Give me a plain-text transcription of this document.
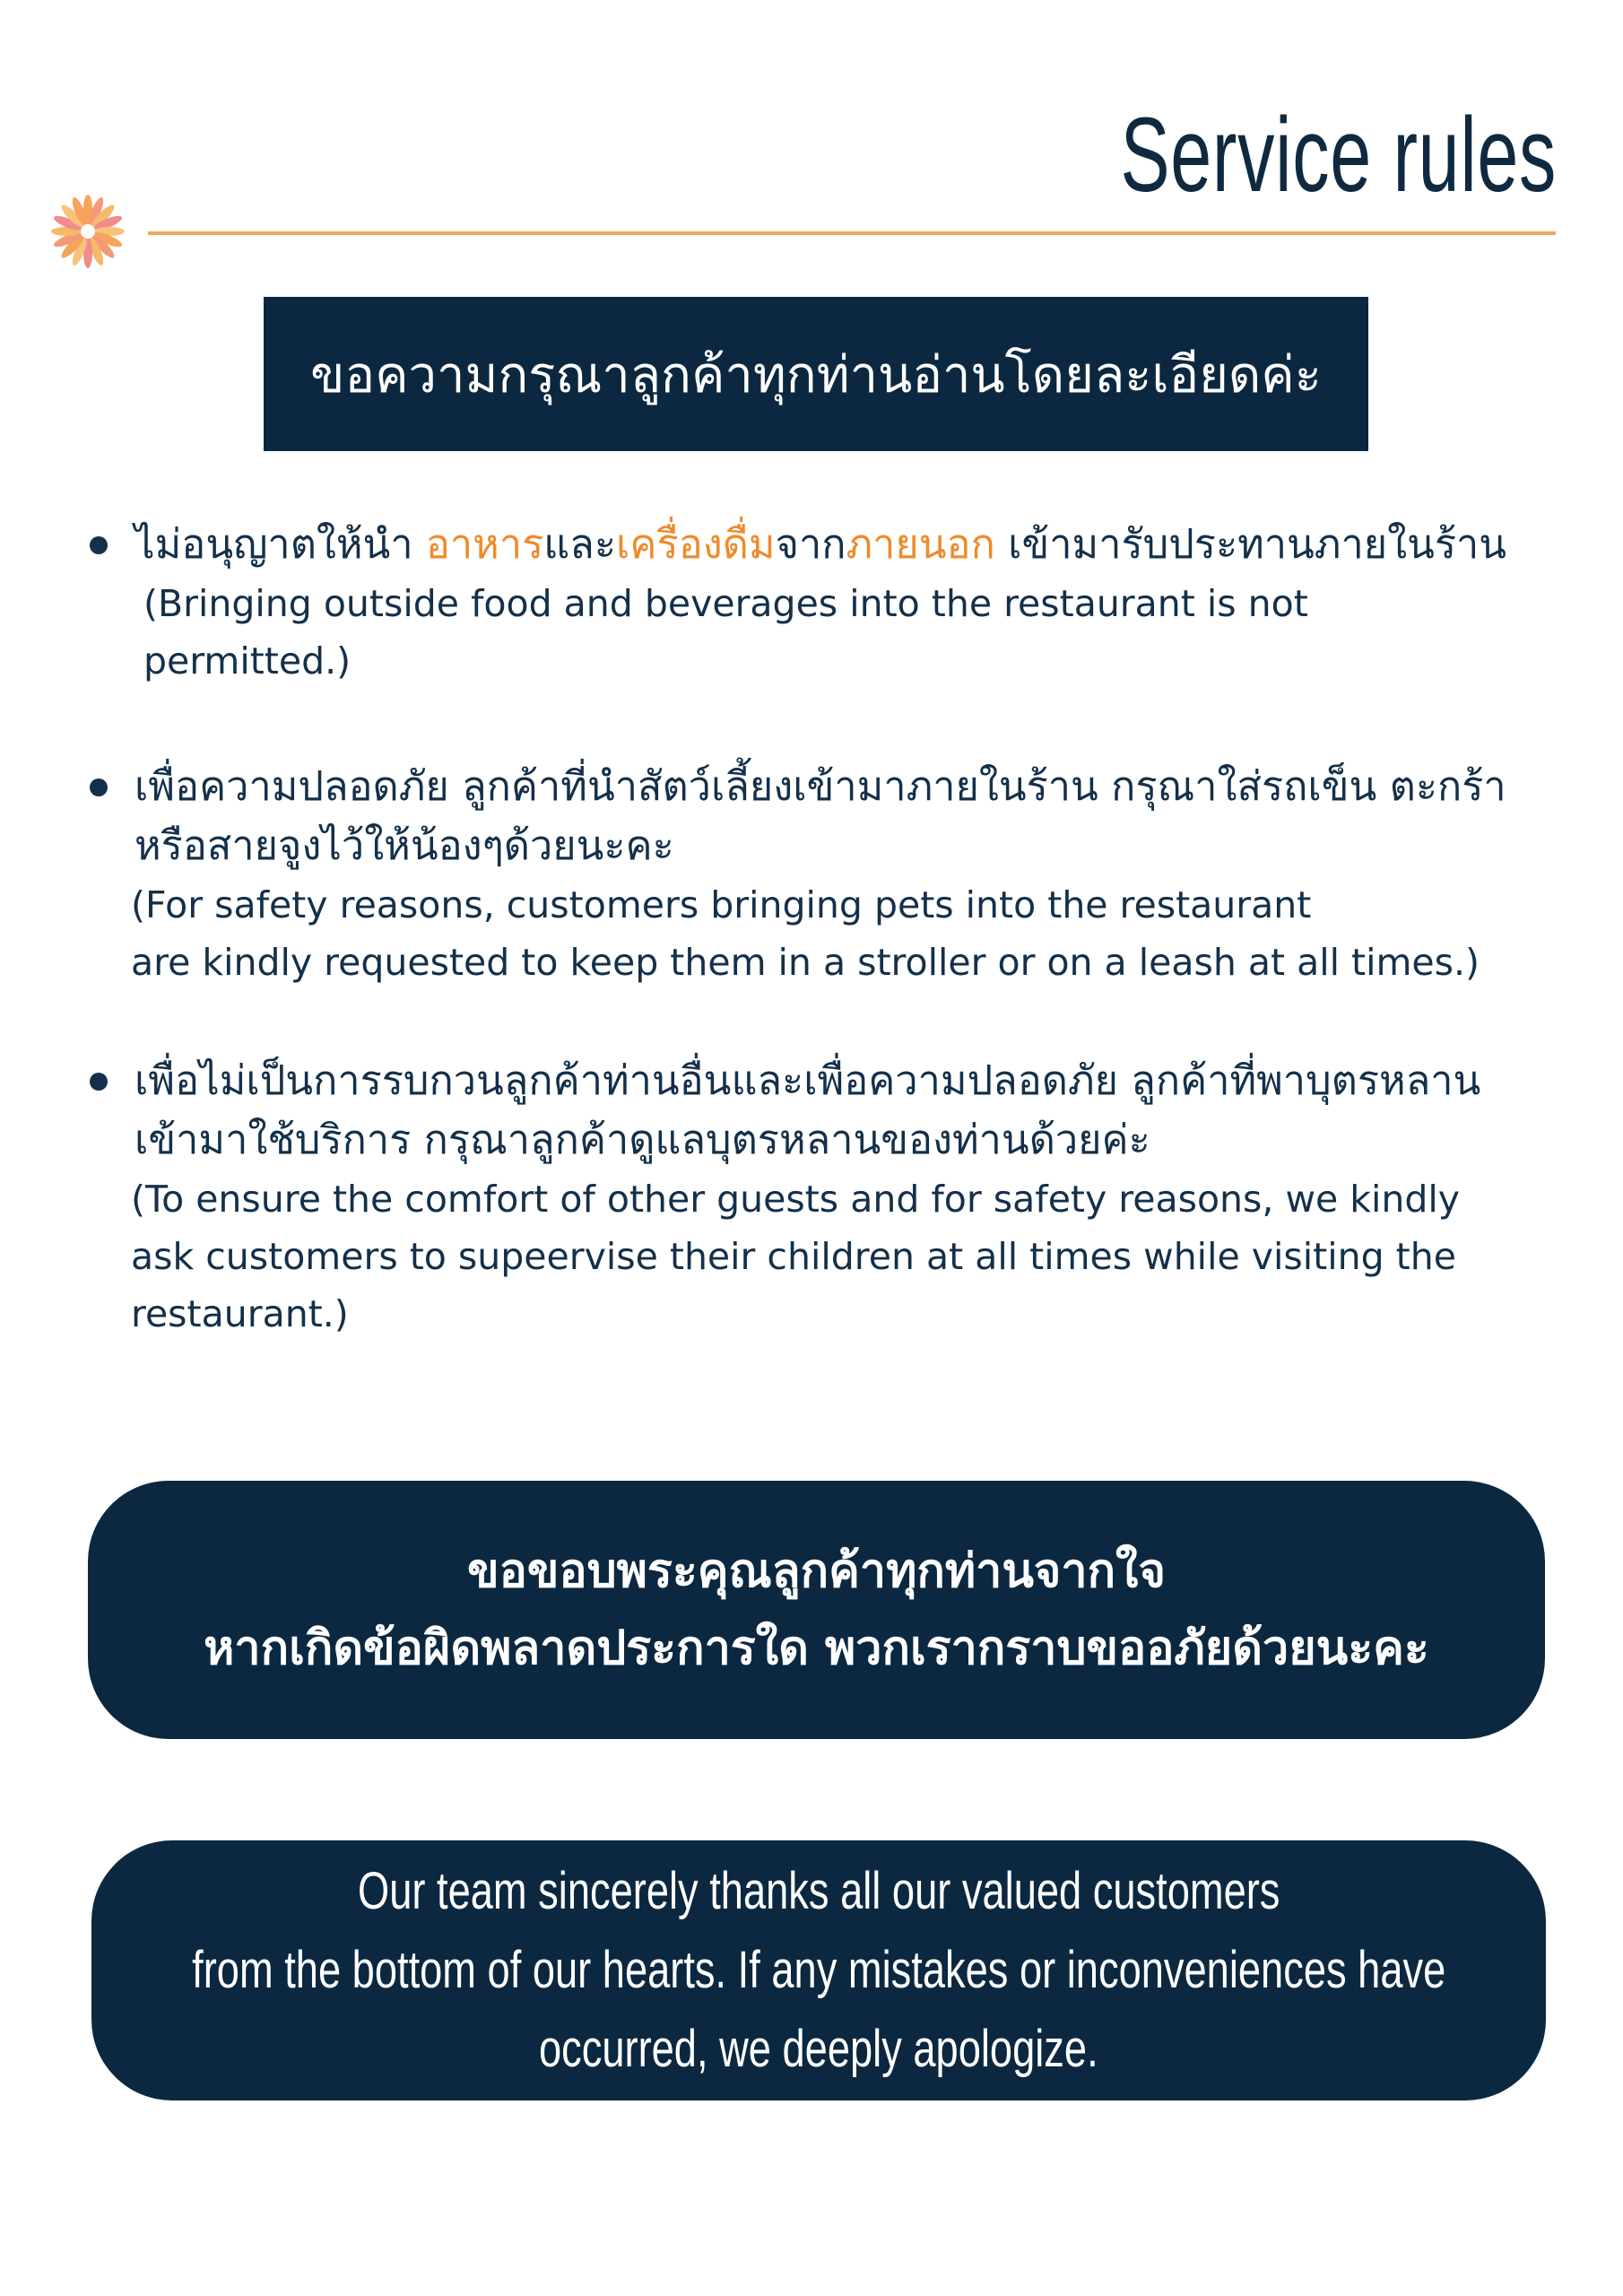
Service rules
ขอความกรุณาลูกค้าทุกท่านอ่านโดยละเอียดค่ะ
ไม่อนุญาตให้นำ อาหารและเครื่องดื่มจากภายนอก เข้ามารับประทานภายในร้าน
(Bringing outside food and beverages into the restaurant is not
permitted.)
เพื่อความปลอดภัย ลูกค้าที่นำสัตว์เลี้ยงเข้ามาภายในร้าน กรุณาใส่รถเข็น ตะกร้า
หรือสายจูงไว้ให้น้องๆด้วยนะคะ
(For safety reasons, customers bringing pets into the restaurant
are kindly requested to keep them in a stroller or on a leash at all times.)
เพื่อไม่เป็นการรบกวนลูกค้าท่านอื่นและเพื่อความปลอดภัย ลูกค้าที่พาบุตรหลาน
เข้ามาใช้บริการ กรุณาลูกค้าดูแลบุตรหลานของท่านด้วยค่ะ
(To ensure the comfort of other guests and for safety reasons, we kindly
ask customers to supeervise their children at all times while visiting the
restaurant.)
ขอขอบพระคุณลูกค้าทุกท่านจากใจ
หากเกิดข้อผิดพลาดประการใด พวกเรากราบขออภัยด้วยนะคะ
Our team sincerely thanks all our valued customers
from the bottom of our hearts. If any mistakes or inconveniences have
occurred, we deeply apologize.
